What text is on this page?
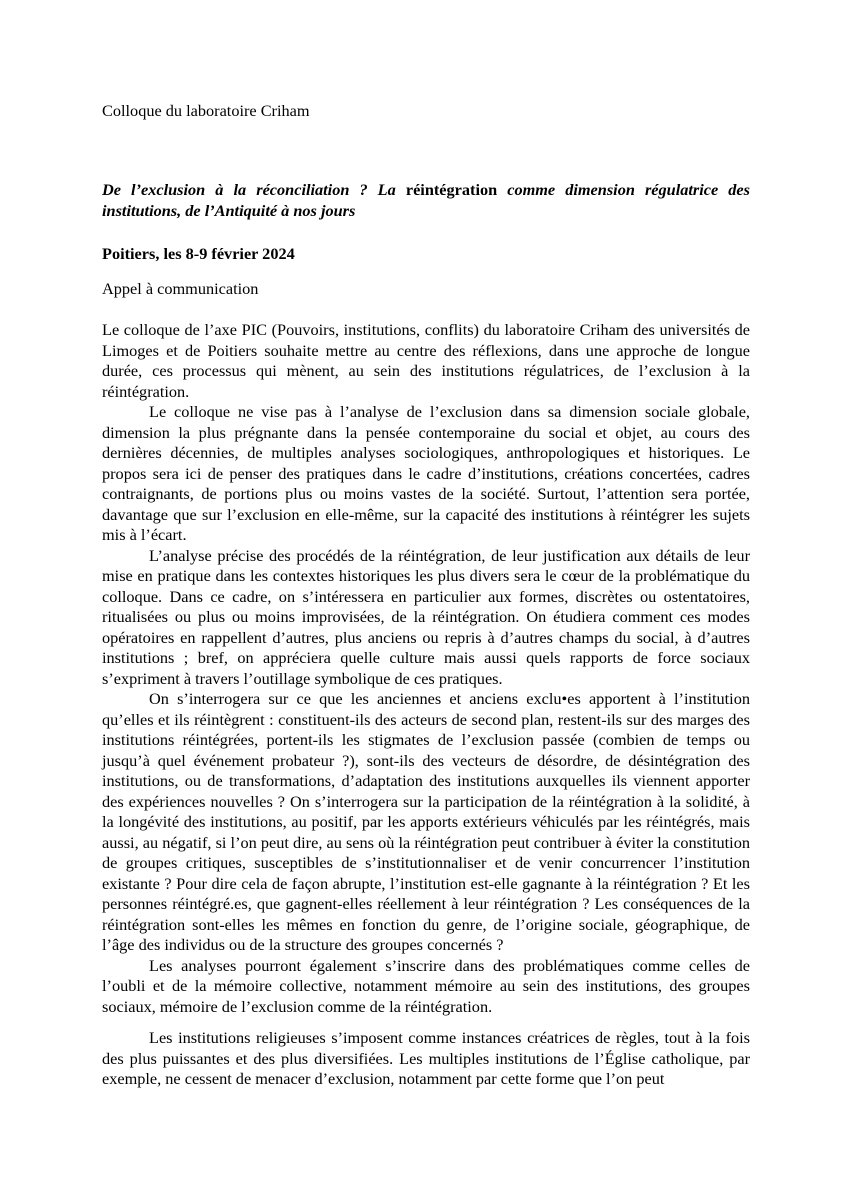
Colloque du laboratoire Criham
De l’exclusion à la réconciliation ? La réintégration comme dimension régulatrice des institutions, de l’Antiquité à nos jours
Poitiers, les 8-9 février 2024
Appel à communication

Le colloque de l’axe PIC (Pouvoirs, institutions, conflits) du laboratoire Criham des universités de Limoges et de Poitiers souhaite mettre au centre des réflexions, dans une approche de longue durée, ces processus qui mènent, au sein des institutions régulatrices, de l’exclusion à la réintégration.

Le colloque ne vise pas à l’analyse de l’exclusion dans sa dimension sociale globale, dimension la plus prégnante dans la pensée contemporaine du social et objet, au cours des dernières décennies, de multiples analyses sociologiques, anthropologiques et historiques. Le propos sera ici de penser des pratiques dans le cadre d’institutions, créations concertées, cadres contraignants, de portions plus ou moins vastes de la société. Surtout, l’attention sera portée, davantage que sur l’exclusion en elle-même, sur la capacité des institutions à réintégrer les sujets mis à l’écart.

L’analyse précise des procédés de la réintégration, de leur justification aux détails de leur mise en pratique dans les contextes historiques les plus divers sera le cœur de la problématique du colloque. Dans ce cadre, on s’intéressera en particulier aux formes, discrètes ou ostentatoires, ritualisées ou plus ou moins improvisées, de la réintégration. On étudiera comment ces modes opératoires en rappellent d’autres, plus anciens ou repris à d’autres champs du social, à d’autres institutions ; bref, on appréciera quelle culture mais aussi quels rapports de force sociaux s’expriment à travers l’outillage symbolique de ces pratiques.

On s’interrogera sur ce que les anciennes et anciens exclu•es apportent à l’institution qu’elles et ils réintègrent : constituent-ils des acteurs de second plan, restent-ils sur des marges des institutions réintégrées, portent-ils les stigmates de l’exclusion passée (combien de temps ou jusqu’à quel événement probateur ?), sont-ils des vecteurs de désordre, de désintégration des institutions, ou de transformations, d’adaptation des institutions auxquelles ils viennent apporter des expériences nouvelles ? On s’interrogera sur la participation de la réintégration à la solidité, à la longévité des institutions, au positif, par les apports extérieurs véhiculés par les réintégrés, mais aussi, au négatif, si l’on peut dire, au sens où la réintégration peut contribuer à éviter la constitution de groupes critiques, susceptibles de s’institutionnaliser et de venir concurrencer l’institution existante ? Pour dire cela de façon abrupte, l’institution est-elle gagnante à la réintégration ? Et les personnes réintégré.es, que gagnent-elles réellement à leur réintégration ? Les conséquences de la réintégration sont-elles les mêmes en fonction du genre, de l’origine sociale, géographique, de l’âge des individus ou de la structure des groupes concernés ?

Les analyses pourront également s’inscrire dans des problématiques comme celles de l’oubli et de la mémoire collective, notamment mémoire au sein des institutions, des groupes sociaux, mémoire de l’exclusion comme de la réintégration.

Les institutions religieuses s’imposent comme instances créatrices de règles, tout à la fois des plus puissantes et des plus diversifiées. Les multiples institutions de l’Église catholique, par exemple, ne cessent de menacer d’exclusion, notamment par cette forme que l’on peut
